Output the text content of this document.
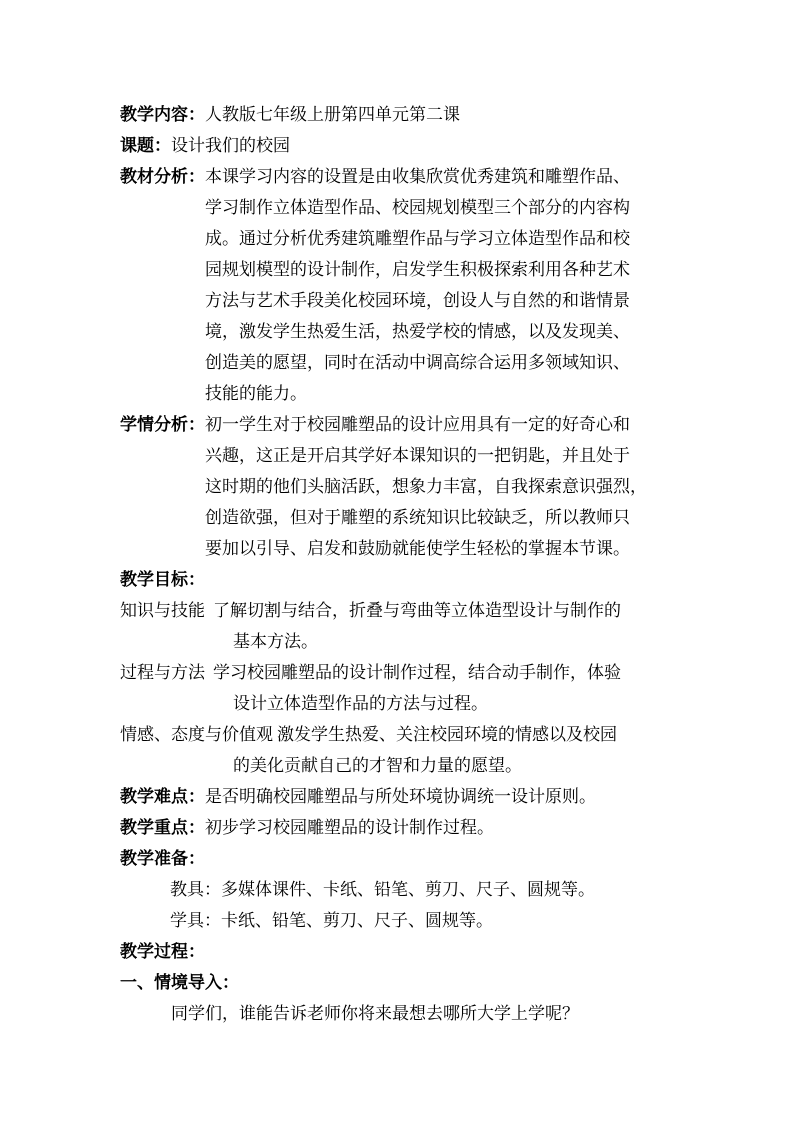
教学内容： 人教版七年级上册第四单元第二课
课题： 设计我们的校园
教材分析： 本课学习内容的设置是由收集欣赏优秀建筑和雕塑作品、
学习制作立体造型作品、校园规划模型三个部分的内容构
成。通过分析优秀建筑雕塑作品与学习立体造型作品和校
园规划模型的设计制作，启发学生积极探索利用各种艺术
方法与艺术手段美化校园环境，创设人与自然的和谐情景
境，激发学生热爱生活，热爱学校的情感，以及发现美、
创造美的愿望，同时在活动中调高综合运用多领域知识、
技能的能力。
学情分析： 初一学生对于校园雕塑品的设计应用具有一定的好奇心和
兴趣，这正是开启其学好本课知识的一把钥匙，并且处于
这时期的他们头脑活跃，想象力丰富，自我探索意识强烈，
创造欲强，但对于雕塑的系统知识比较缺乏，所以教师只
要加以引导、启发和鼓励就能使学生轻松的掌握本节课。
教学目标：
知识与技能 了解切割与结合，折叠与弯曲等立体造型设计与制作的
基本方法。
过程与方法 学习校园雕塑品的设计制作过程，结合动手制作，体验
设计立体造型作品的方法与过程。
情感、态度与价值观 激发学生热爱、关注校园环境的情感以及校园
的美化贡献自己的才智和力量的愿望。
教学难点： 是否明确校园雕塑品与所处环境协调统一设计原则。
教学重点： 初步学习校园雕塑品的设计制作过程。
教学准备：
教具： 多媒体课件、卡纸、铅笔、剪刀、尺子、圆规等。
学具： 卡纸、铅笔、剪刀、尺子、圆规等。
教学过程：
一、情境导入：
同学们，谁能告诉老师你将来最想去哪所大学上学呢？
